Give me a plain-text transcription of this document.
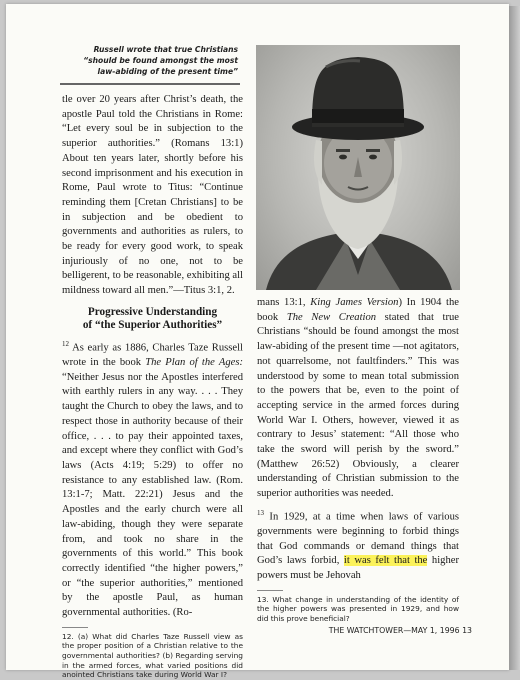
Russell wrote that true Christians
“should be found amongst the most
law-abiding of the present time”

tle over 20 years after Christ’s death, the apostle Paul told the Christians in Rome: “Let every soul be in subjection to the superior authorities.” (Romans 13:1) About ten years later, shortly before his second imprisonment and his execution in Rome, Paul wrote to Titus: “Continue reminding them [Cretan Christians] to be in subjection and be obedient to governments and authorities as rulers, to be ready for every good work, to speak injuriously of no one, not to be belligerent, to be reasonable, exhibiting all mildness toward all men.”—Titus 3:1, 2.

Progressive Understanding
of “the Superior Authorities”

$^{12}$ As early as 1886, Charles Taze Russell wrote in the book The Plan of the Ages: “Neither Jesus nor the Apostles interfered with earthly rulers in any way. . . . They taught the Church to obey the laws, and to respect those in authority because of their office, . . . to pay their appointed taxes, and except where they conflict with God’s laws (Acts 4:19; 5:29) to offer no resistance to any established law. (Rom. 13:1-7; Matt. 22:21) Jesus and the Apostles and the early church were all law-abiding, though they were separate from, and took no share in the governments of this world.” This book correctly identified “the higher powers,” or “the superior authorities,” mentioned by the apostle Paul, as human governmental authorities. (Ro-

12. (a) What did Charles Taze Russell view as the proper position of a Christian relative to the governmental authorities? (b) Regarding serving in the armed forces, what varied positions did anointed Christians take during World War I?

mans 13:1, King James Version) In 1904 the book The New Creation stated that true Christians “should be found amongst the most law-abiding of the present time —not agitators, not quarrelsome, not faultfinders.” This was understood by some to mean total submission to the powers that be, even to the point of accepting service in the armed forces during World War I. Others, however, viewed it as contrary to Jesus’ statement: “All those who take the sword will perish by the sword.” (Matthew 26:52) Obviously, a clearer understanding of Christian submission to the superior authorities was needed.

$^{13}$ In 1929, at a time when laws of various governments were beginning to forbid things that God commands or demand things that God’s laws forbid, it was felt that the higher powers must be Jehovah

13. What change in understanding of the identity of the higher powers was presented in 1929, and how did this prove beneficial?

THE WATCHTOWER—MAY 1, 1996 13
